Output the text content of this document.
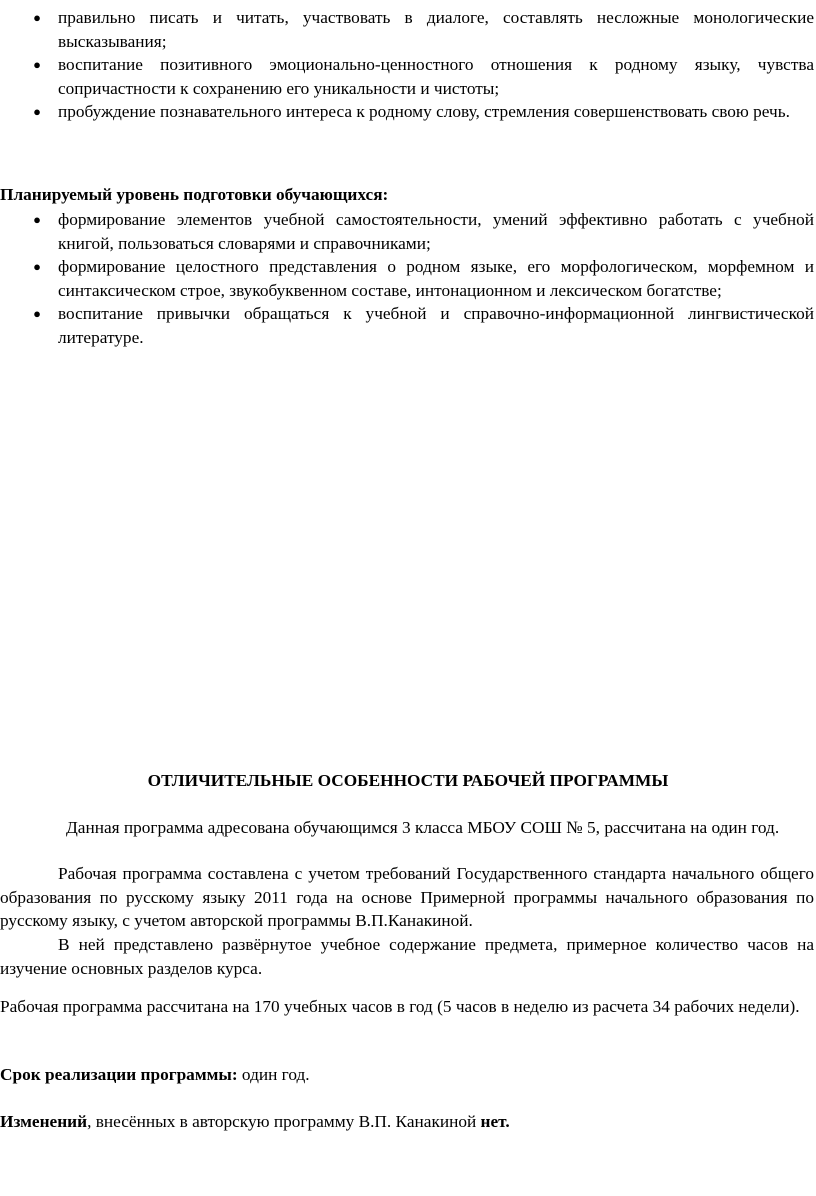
● правильно писать и читать, участвовать в диалоге, составлять несложные монологические высказывания;
● воспитание позитивного эмоционально-ценностного отношения к родному языку, чувства сопричастности к сохранению его уникальности и чистоты;
● пробуждение познавательного интереса к родному слову, стремления совершенствовать свою речь.
Планируемый уровень подготовки обучающихся:
● формирование элементов учебной самостоятельности, умений эффективно работать с учебной книгой, пользоваться словарями и справочниками;
● формирование целостного представления о родном языке, его морфологическом, морфемном и синтаксическом строе, звукобуквенном составе, интонационном и лексическом богатстве;
● воспитание привычки обращаться к учебной и справочно-информационной лингвистической литературе.
ОТЛИЧИТЕЛЬНЫЕ ОСОБЕННОСТИ РАБОЧЕЙ ПРОГРАММЫ
Данная программа адресована обучающимся 3 класса МБОУ СОШ № 5, рассчитана на один год.
Рабочая программа составлена с учетом требований Государственного стандарта начального общего образования по русскому языку 2011 года на основе Примерной программы начального образования по русскому языку, с учетом авторской программы В.П.Канакиной.
В ней представлено развёрнутое учебное содержание предмета, примерное количество часов на изучение основных разделов курса.
Рабочая программа рассчитана на 170 учебных часов в год (5 часов в неделю из расчета 34 рабочих недели).
Срок реализации программы: один год.
Изменений, внесённых в авторскую программу В.П. Канакиной нет.
